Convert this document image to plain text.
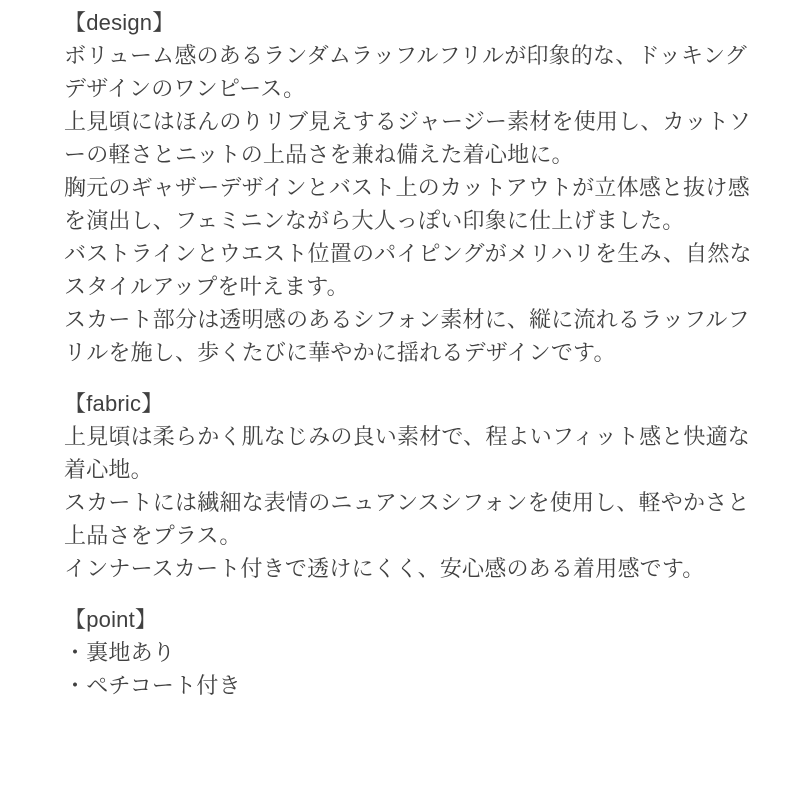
【design】
ボリューム感のあるランダムラッフルフリルが印象的な、ドッキング
デザインのワンピース。
上見頃にはほんのりリブ見えするジャージー素材を使用し、カットソ
ーの軽さとニットの上品さを兼ね備えた着心地に。
胸元のギャザーデザインとバスト上のカットアウトが立体感と抜け感
を演出し、フェミニンながら大人っぽい印象に仕上げました。
バストラインとウエスト位置のパイピングがメリハリを生み、自然な
スタイルアップを叶えます。
スカート部分は透明感のあるシフォン素材に、縦に流れるラッフルフ
リルを施し、歩くたびに華やかに揺れるデザインです。
【fabric】
上見頃は柔らかく肌なじみの良い素材で、程よいフィット感と快適な
着心地。
スカートには繊細な表情のニュアンスシフォンを使用し、軽やかさと
上品さをプラス。
インナースカート付きで透けにくく、安心感のある着用感です。
【point】
・裏地あり
・ペチコート付き
